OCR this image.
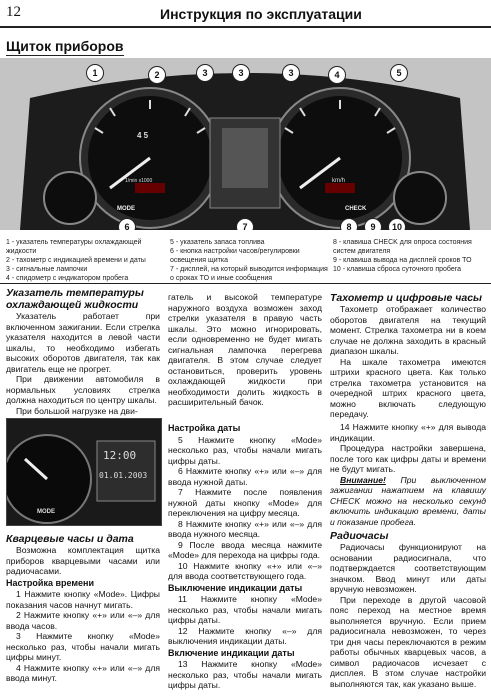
12	Инструкция по эксплуатации
Щиток приборов
4 5
1/min x1000	km/h
MODE	CHECK
1	2	3	3	3	4	5
6	7	8	9	10
1 - указатель температуры охлаждающей жидкости
2 - тахометр с индикацией времени и даты
3 - сигнальные лампочки
4 - спидометр с индикатором пробега
5 - указатель запаса топлива
6 - кнопка настройки часов/регулировки освещения щитка
7 - дисплей, на который выводится информация о сроках ТО и иные сообщения
8 - клавиша CHECK для опроса состояния систем двигателя
9 - клавиша вывода на дисплей сроков ТО
10 - клавиша сброса суточного пробега
Указатель температуры охлаждающей жидкости

Указатель работает при включенном зажигании. Если стрелка указателя находится в левой части шкалы, то необходимо избегать высоких оборотов двигателя, так как двигатель еще не прогрет.

При движении автомобиля в нормальных условиях стрелка должна находиться по центру шкалы.

При большой нагрузке на дви-

гатель и высокой температуре наружного воздуха возможен заход стрелки указателя в правую часть шкалы. Это можно игнорировать, если одновременно не будет мигать сигнальная лампочка перегрева двигателя. В этом случае следует остановиться, проверить уровень охлаждающей жидкости при необходимости долить жидкость в расширительный бачок.

Тахометр и цифровые часы

Тахометр отображает количество оборотов двигателя на текущий момент. Стрелка тахометра ни в коем случае не должна заходить в красный диапазон шкалы.

На шкале тахометра имеются штрихи красного цвета. Как только стрелка тахометра установится на очередной штрих красного цвета, можно включать следующую передачу.

12:00
01.01.2003
MODE
Кварцевые часы и дата

Возможна комплектация щитка приборов кварцевыми часами или радиочасами.

Настройка времени

1 Нажмите кнопку «Mode». Цифры показания часов начнут мигать.

2 Нажмите кнопку «+» или «–» для ввода часов.

3 Нажмите кнопку «Mode» несколько раз, чтобы начали мигать цифры минут.

4 Нажмите кнопку «+» или «–» для ввода минут.

Настройка даты

5 Нажмите кнопку «Mode» несколько раз, чтобы начали мигать цифры даты.

6 Нажмите кнопку «+» или «–» для ввода нужной даты.

7 Нажмите после появления нужной даты кнопку «Mode» для переключения на цифру месяца.

8 Нажмите кнопку «+» или «–» для ввода нужного месяца.

9 После ввода месяца нажмите «Mode» для перехода на цифры года.

10 Нажмите кнопку «+» или «–» для ввода соответствующего года.

Выключение индикации даты

11 Нажмите кнопку «Mode» несколько раз, чтобы начали мигать цифры даты.

12 Нажмите кнопку «–» для выключения индикации даты.

Включение индикации даты

13 Нажмите кнопку «Mode» несколько раз, чтобы начали мигать цифры даты.

14 Нажмите кнопку «+» для вывода индикации.

Процедура настройки завершена, после того как цифры даты и времени не будут мигать.

Внимание! При выключенном зажигании нажатием на клавишу CHECK можно на несколько секунд включить индикацию времени, даты и показание пробега.

Радиочасы

Радиочасы функционируют на основании радиосигнала, что подтверждается соответствующим значком. Ввод минут или даты вручную невозможен.

При переходе в другой часовой пояс переход на местное время выполняется вручную. Если прием радиосигнала невозможен, то через три дня часы переключаются в режим работы обычных кварцевых часов, а символ радиочасов исчезает с дисплея. В этом случае настройки выполняются так, как указано выше.
